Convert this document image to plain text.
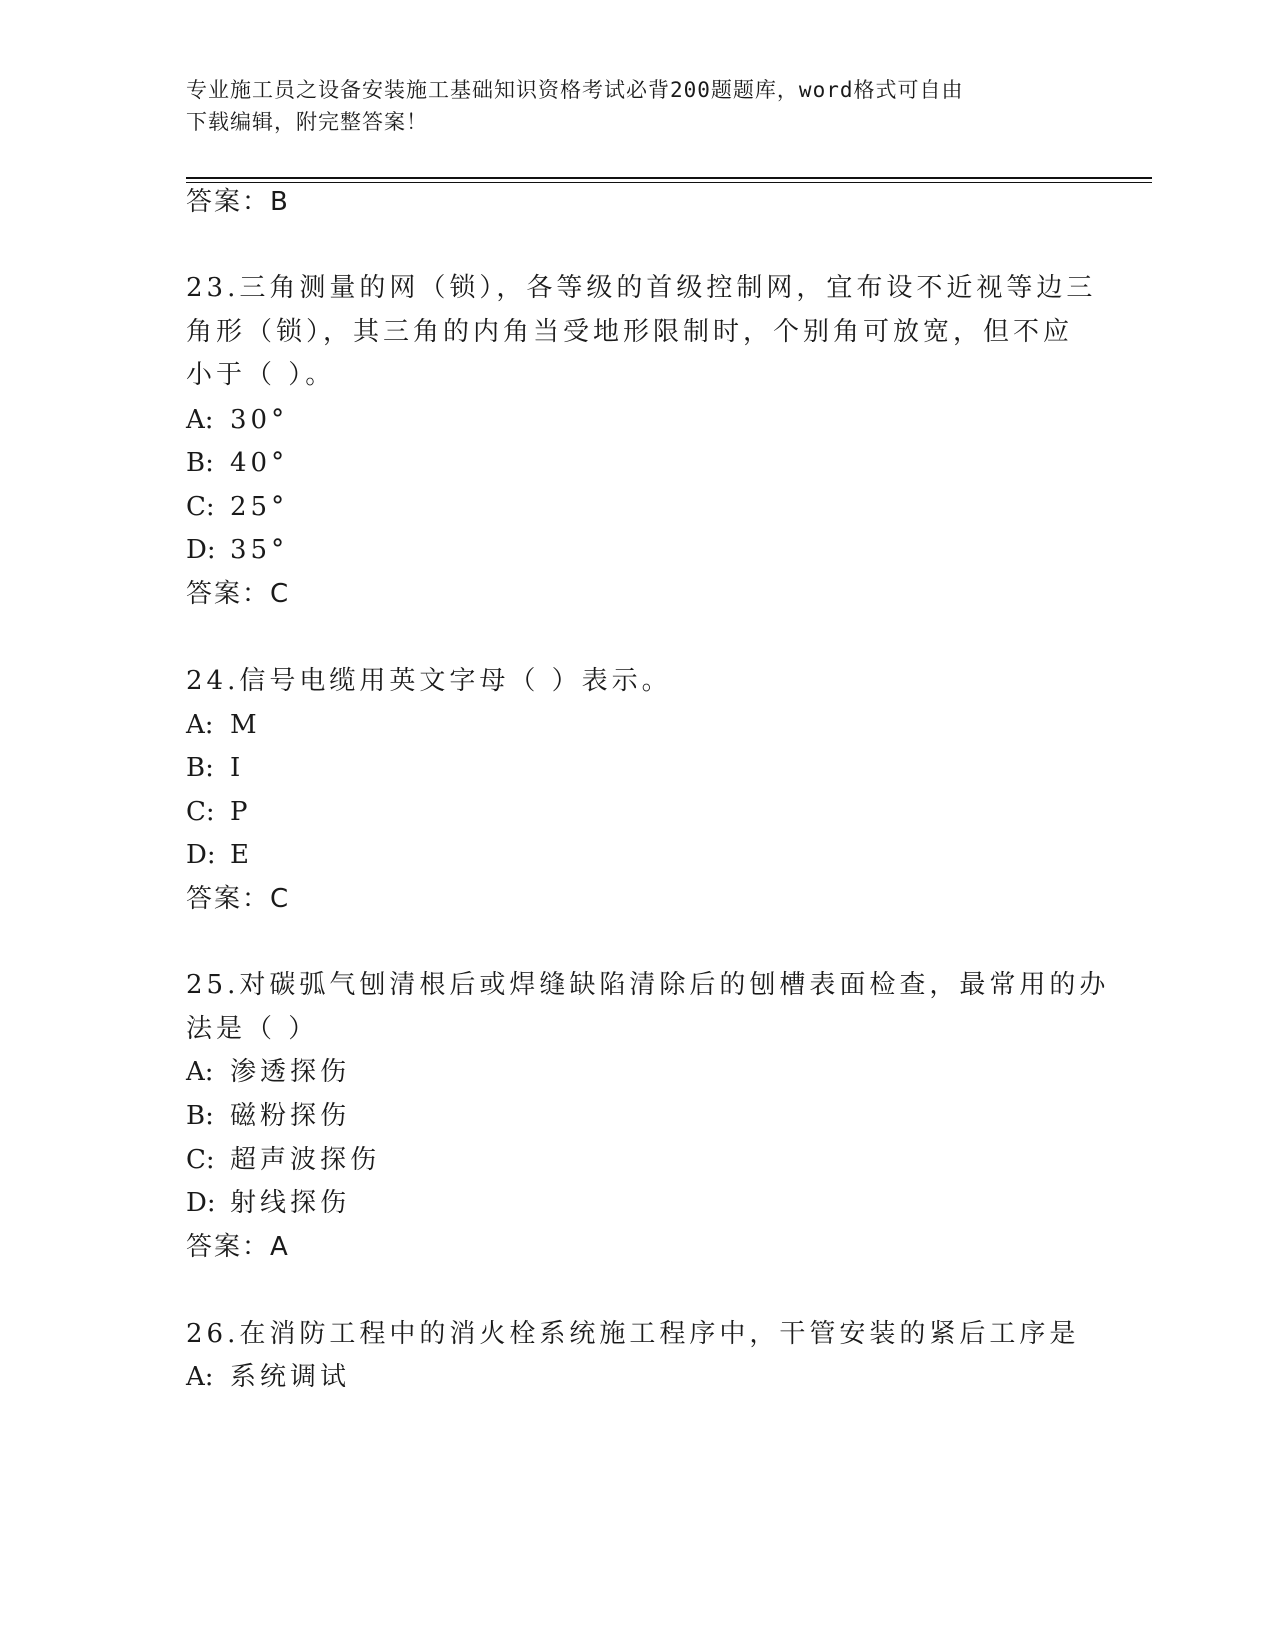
专业施工员之设备安装施工基础知识资格考试必背200题题库，word格式可自由
下载编辑，附完整答案！
答案：B
23.三角测量的网（锁），各等级的首级控制网，宜布设不近视等边三
角形（锁），其三角的内角当受地形限制时，个别角可放宽，但不应
小于（ ）。
A: 30°
B: 40°
C: 25°
D: 35°
答案：C
24.信号电缆用英文字母（ ）表示。
A: M
B: I
C: P
D: E
答案：C
25.对碳弧气刨清根后或焊缝缺陷清除后的刨槽表面检查，最常用的办
法是（ ）
A: 渗透探伤
B: 磁粉探伤
C: 超声波探伤
D: 射线探伤
答案：A
26.在消防工程中的消火栓系统施工程序中，干管安装的紧后工序是
A: 系统调试
